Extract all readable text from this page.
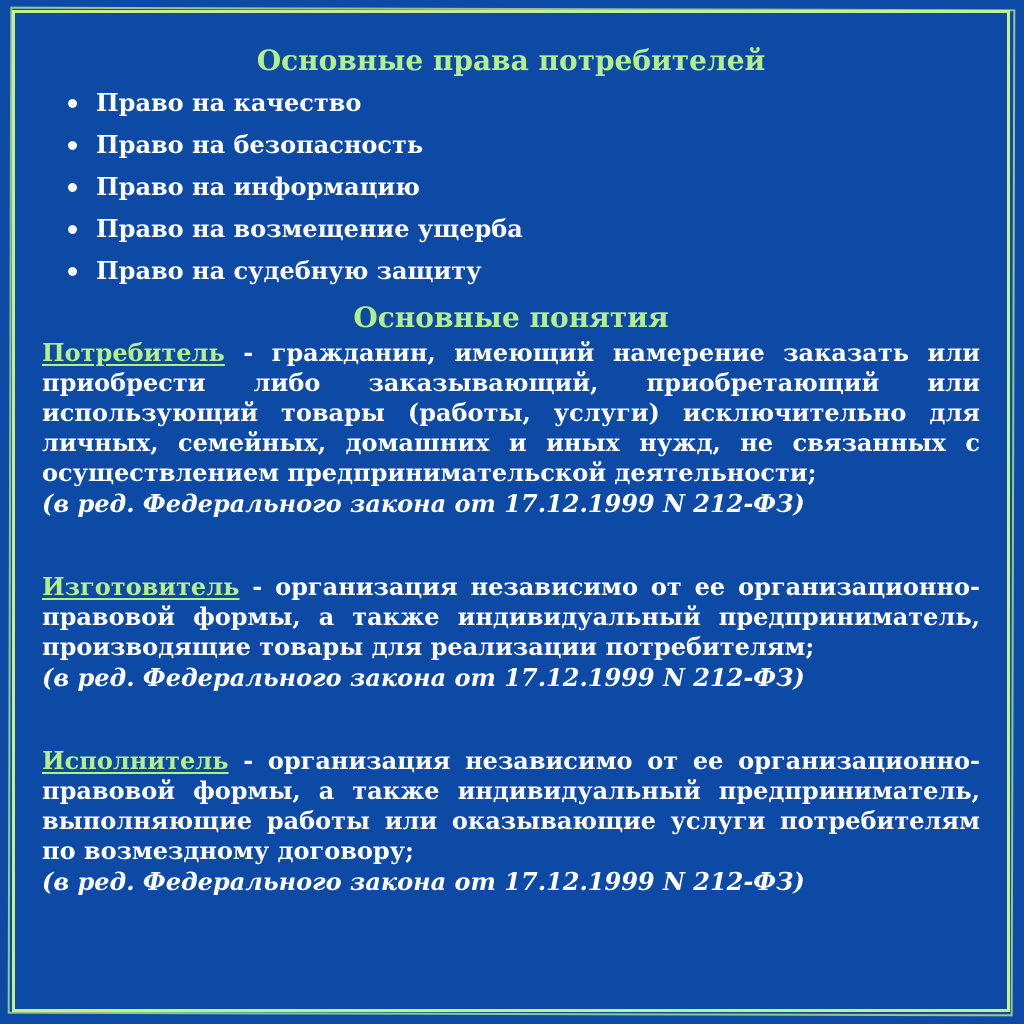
Основные права потребителей
Право на качество
Право на безопасность
Право на информацию
Право на возмещение ущерба
Право на судебную защиту
Основные понятия

Потребитель - гражданин, имеющий намерение заказать или приобрести либо заказывающий, приобретающий или использующий товары (работы, услуги) исключительно для личных, семейных, домашних и иных нужд, не связанных с осуществлением предпринимательской деятельности;

(в ред. Федерального закона от 17.12.1999 N 212-ФЗ)

Изготовитель - организация независимо от ее организационно-правовой формы, а также индивидуальный предприниматель, производящие товары для реализации потребителям;

(в ред. Федерального закона от 17.12.1999 N 212-ФЗ)

Исполнитель - организация независимо от ее организационно-правовой формы, а также индивидуальный предприниматель, выполняющие работы или оказывающие услуги потребителям по возмездному договору;

(в ред. Федерального закона от 17.12.1999 N 212-ФЗ)
